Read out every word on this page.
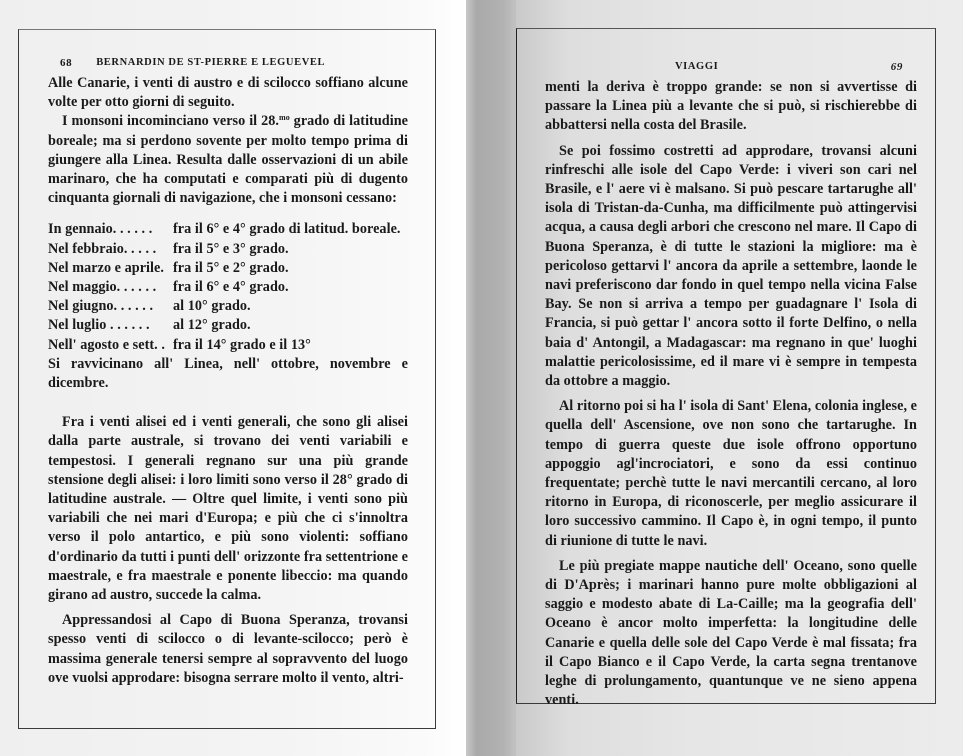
68 BERNARDIN DE ST-PIERRE E LEGUEVEL

Alle Canarie, i venti di austro e di scilocco soffiano alcune volte per otto giorni di seguito.

I monsoni incominciano verso il 28.$^{mo}$ grado di latitudine boreale; ma si perdono sovente per molto tempo prima di giungere alla Linea. Resulta dalle osservazioni di un abile marinaro, che ha computati e comparati più di dugento cinquanta giornali di navigazione, che i monsoni cessano:

In gennaio. . . . . .	fra il 6° e 4° grado di latitud. boreale.
Nel febbraio. . . . .	fra il 5° e 3° grado.
Nel marzo e aprile. fra il 5° e 2° grado.
Nel maggio. . . . . .	fra il 6° e 4° grado.
Nel giugno. . . . . .	al 10° grado.
Nel luglio . . . . . .	al 12° grado.
Nell' agosto e sett. . fra il 14° grado e il 13°

Si ravvicinano all' Linea, nell' ottobre, novembre e dicembre.

Fra i venti alisei ed i venti generali, che sono gli alisei dalla parte australe, si trovano dei venti variabili e tempestosi. I generali regnano sur una più grande stensione degli alisei: i loro limiti sono verso il 28° grado di latitudine australe. — Oltre quel limite, i venti sono più variabili che nei mari d'Europa; e più che ci s'innoltra verso il polo antartico, e più sono violenti: soffiano d'ordinario da tutti i punti dell' orizzonte fra settentrione e maestrale, e fra maestrale e ponente libeccio: ma quando girano ad austro, succede la calma.

Appressandosi al Capo di Buona Speranza, trovansi spesso venti di scilocco o di levante-scilocco; però è massima generale tenersi sempre al sopravvento del luogo ove vuolsi approdare: bisogna serrare molto il vento, altri-

VIAGGI	69

menti la deriva è troppo grande: se non si avvertisse di passare la Linea più a levante che si può, si rischierebbe di abbattersi nella costa del Brasile.

Se poi fossimo costretti ad approdare, trovansi alcuni rinfreschi alle isole del Capo Verde: i viveri son cari nel Brasile, e l' aere vi è malsano. Si può pescare tartarughe all' isola di Tristan-da-Cunha, ma difficilmente può attingervisi acqua, a causa degli arbori che crescono nel mare. Il Capo di Buona Speranza, è di tutte le stazioni la migliore: ma è pericoloso gettarvi l' ancora da aprile a settembre, laonde le navi preferiscono dar fondo in quel tempo nella vicina False Bay. Se non si arriva a tempo per guadagnare l' Isola di Francia, si può gettar l' ancora sotto il forte Delfino, o nella baia d' Antongil, a Madagascar: ma regnano in que' luoghi malattie pericolosissime, ed il mare vi è sempre in tempesta da ottobre a maggio.

Al ritorno poi si ha l' isola di Sant' Elena, colonia inglese, e quella dell' Ascensione, ove non sono che tartarughe. In tempo di guerra queste due isole offrono opportuno appoggio agl'incrociatori, e sono da essi continuo frequentate; perchè tutte le navi mercantili cercano, al loro ritorno in Europa, di riconoscerle, per meglio assicurare il loro successivo cammino. Il Capo è, in ogni tempo, il punto di riunione di tutte le navi.

Le più pregiate mappe nautiche dell' Oceano, sono quelle di D'Après; i marinari hanno pure molte obbligazioni al saggio e modesto abate di La-Caille; ma la geografia dell' Oceano è ancor molto imperfetta: la longitudine delle Canarie e quella delle sole del Capo Verde è mal fissata; fra il Capo Bianco e il Capo Verde, la carta segna trentanove leghe di prolungamento, quantunque ve ne sieno appena venti.
